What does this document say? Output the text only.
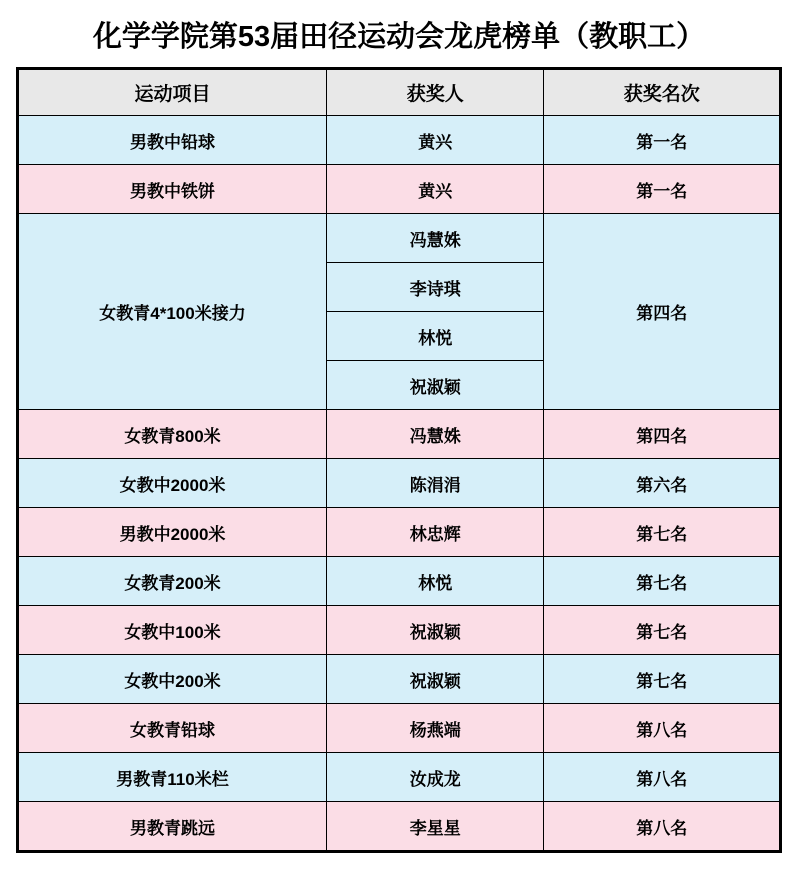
化学学院第53届田径运动会龙虎榜单（教职工）
运动项目	获奖人	获奖名次
男教中铅球	黄兴	第一名
男教中铁饼	黄兴	第一名
女教青4*100米接力	冯慧姝	第四名
	李诗琪	
	林悦	
	祝淑颖	
女教青800米	冯慧姝	第四名
女教中2000米	陈涓涓	第六名
男教中2000米	林忠辉	第七名
女教青200米	林悦	第七名
女教中100米	祝淑颖	第七名
女教中200米	祝淑颖	第七名
女教青铅球	杨燕端	第八名
男教青110米栏	汝成龙	第八名
男教青跳远	李星星	第八名
